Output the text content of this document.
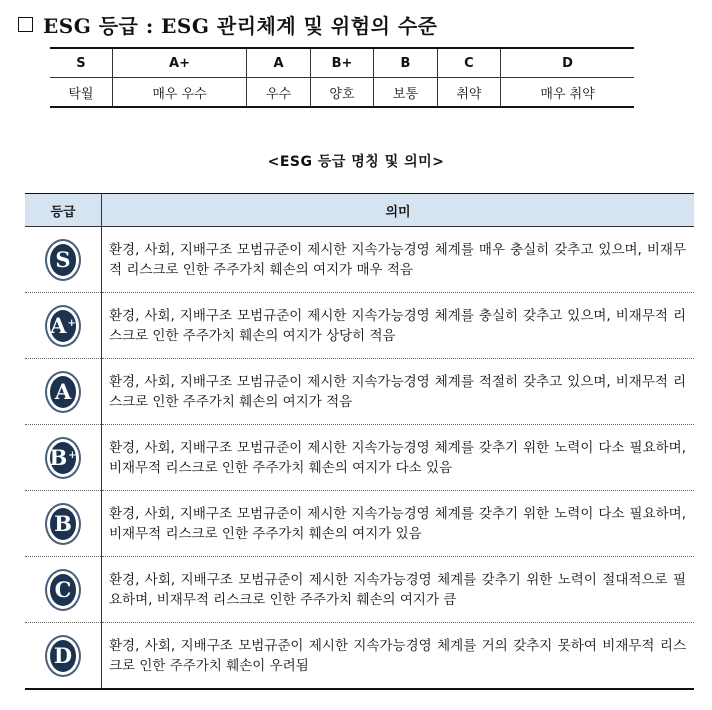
ESG 등급 : ESG 관리체계 및 위험의 수준
S	A+	A	B+	B	C	D
탁월	매우 우수	우수	양호	보통	취약	매우 취약
<ESG 등급 명칭 및 의미>
등급	의미

S	환경, 사회, 지배구조 모범규준이 제시한 지속가능경영 체계를 매우 충실히 갖추고 있으며, 비재무적 리스크로 인한 주주가치 훼손의 여지가 매우 적음

A+	환경, 사회, 지배구조 모범규준이 제시한 지속가능경영 체계를 충실히 갖추고 있으며, 비재무적 리스크로 인한 주주가치 훼손의 여지가 상당히 적음

A	환경, 사회, 지배구조 모범규준이 제시한 지속가능경영 체계를 적절히 갖추고 있으며, 비재무적 리스크로 인한 주주가치 훼손의 여지가 적음

B+	환경, 사회, 지배구조 모범규준이 제시한 지속가능경영 체계를 갖추기 위한 노력이 다소 필요하며, 비재무적 리스크로 인한 주주가치 훼손의 여지가 다소 있음

B	환경, 사회, 지배구조 모범규준이 제시한 지속가능경영 체계를 갖추기 위한 노력이 다소 필요하며, 비재무적 리스크로 인한 주주가치 훼손의 여지가 있음

C	환경, 사회, 지배구조 모범규준이 제시한 지속가능경영 체계를 갖추기 위한 노력이 절대적으로 필요하며, 비재무적 리스크로 인한 주주가치 훼손의 여지가 큼

D	환경, 사회, 지배구조 모범규준이 제시한 지속가능경영 체계를 거의 갖추지 못하여 비재무적 리스크로 인한 주주가치 훼손이 우려됨
